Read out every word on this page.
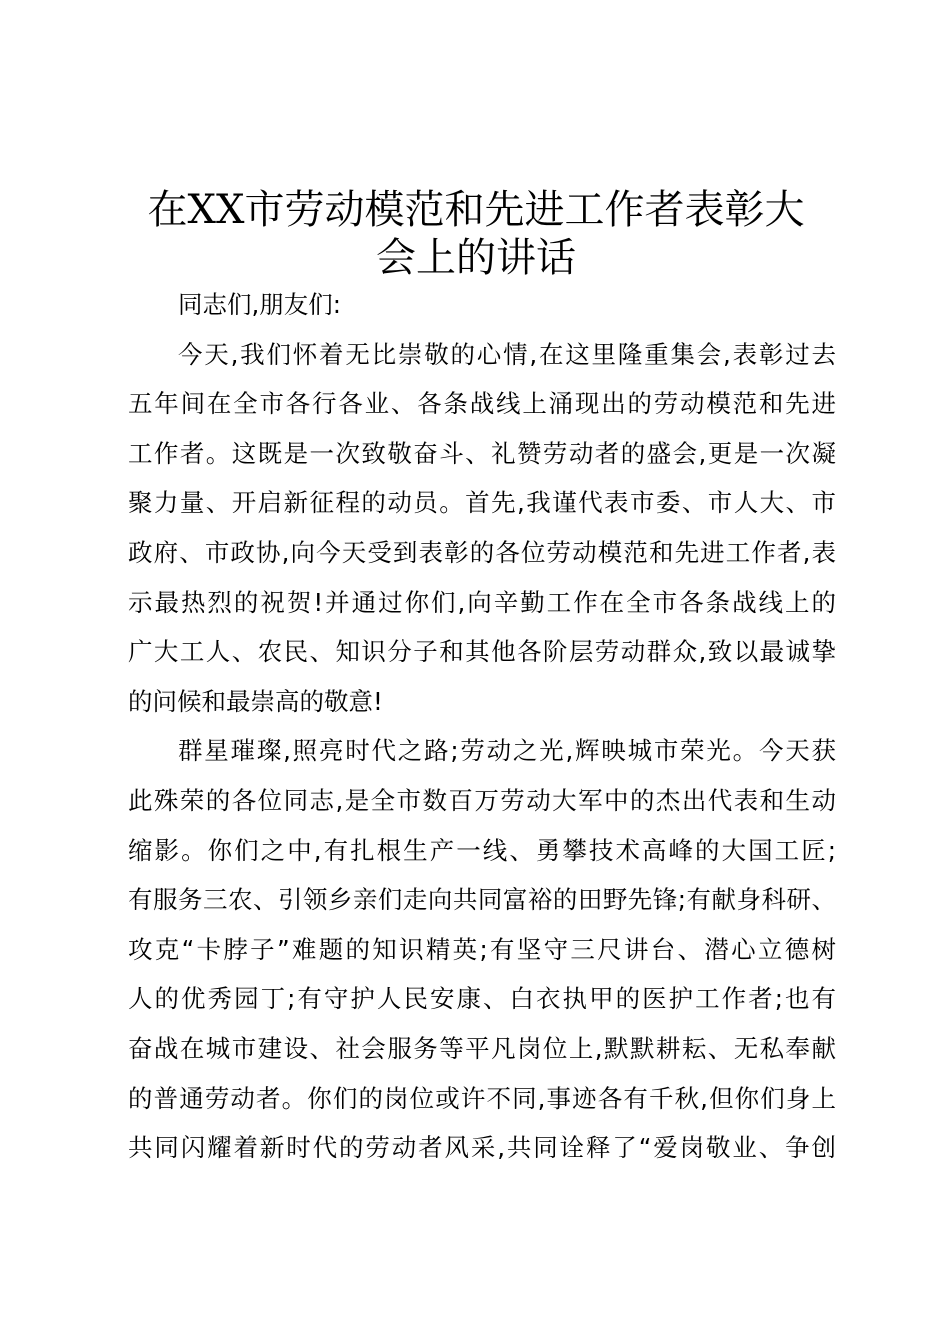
在XX市劳动模范和先进工作者表彰大
会上的讲话
同志们,朋友们:
今天,我们怀着无比崇敬的心情,在这里隆重集会,表彰过去
五年间在全市各行各业、各条战线上涌现出的劳动模范和先进
工作者。这既是一次致敬奋斗、礼赞劳动者的盛会,更是一次凝
聚力量、开启新征程的动员。首先,我谨代表市委、市人大、市
政府、市政协,向今天受到表彰的各位劳动模范和先进工作者,表
示最热烈的祝贺!并通过你们,向辛勤工作在全市各条战线上的
广大工人、农民、知识分子和其他各阶层劳动群众,致以最诚挚
的问候和最崇高的敬意!
群星璀璨,照亮时代之路;劳动之光,辉映城市荣光。今天获
此殊荣的各位同志,是全市数百万劳动大军中的杰出代表和生动
缩影。你们之中,有扎根生产一线、勇攀技术高峰的大国工匠;
有服务三农、引领乡亲们走向共同富裕的田野先锋;有献身科研、
攻克“卡脖子”难题的知识精英;有坚守三尺讲台、潜心立德树
人的优秀园丁;有守护人民安康、白衣执甲的医护工作者;也有
奋战在城市建设、社会服务等平凡岗位上,默默耕耘、无私奉献
的普通劳动者。你们的岗位或许不同,事迹各有千秋,但你们身上
共同闪耀着新时代的劳动者风采,共同诠释了“爱岗敬业、争创
